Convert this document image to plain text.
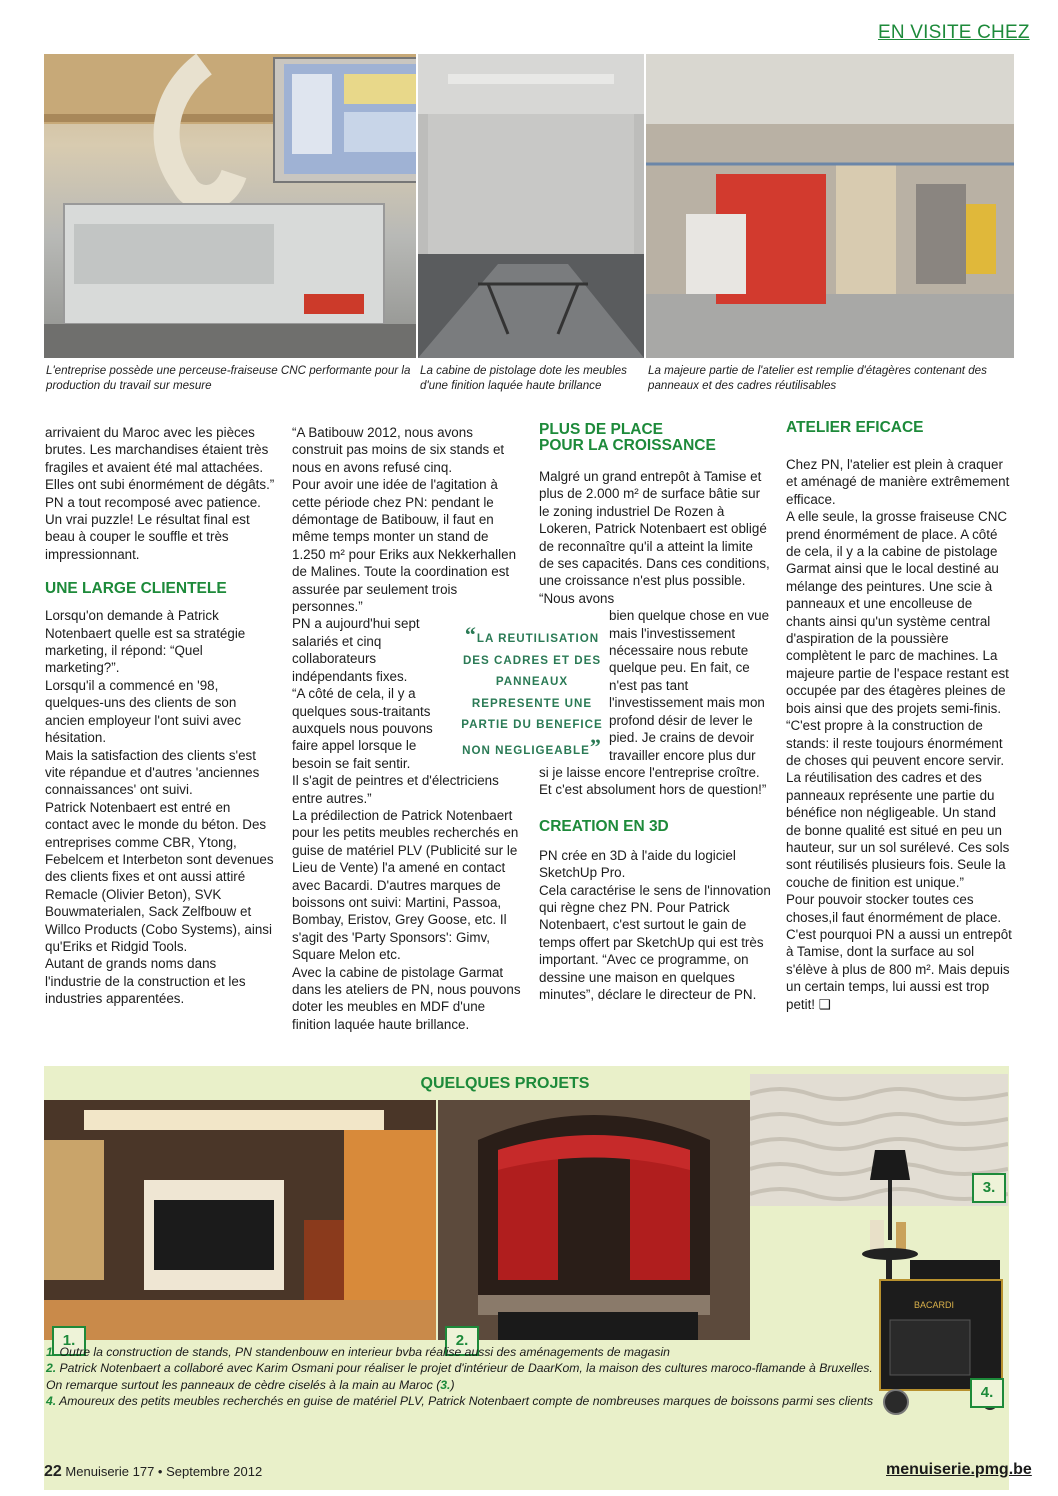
EN VISITE CHEZ
L'entreprise possède une perceuse-fraiseuse CNC performante pour la production du travail sur mesure
La cabine de pistolage dote les meubles d'une finition laquée haute brillance
La majeure partie de l'atelier est remplie d'étagères contenant des panneaux et des cadres réutilisables

arrivaient du Maroc avec les pièces brutes. Les marchandises étaient très fragiles et avaient été mal attachées. Elles ont subi énormément de dégâts.”

PN a tout recomposé avec patience. Un vrai puzzle! Le résultat final est beau à couper le souffle et très impressionnant.

UNE LARGE CLIENTELE

Lorsqu'on demande à Patrick Notenbaert quelle est sa stratégie marketing, il répond: “Quel marketing?”.

Lorsqu'il a commencé en '98, quelques-uns des clients de son ancien employeur l'ont suivi avec hésitation.

Mais la satisfaction des clients s'est vite répandue et d'autres 'anciennes connaissances' ont suivi.

Patrick Notenbaert est entré en contact avec le monde du béton. Des entreprises comme CBR, Ytong, Febelcem et Interbeton sont devenues des clients fixes et ont aussi attiré Remacle (Olivier Beton), SVK Bouwmaterialen, Sack Zelfbouw et Willco Products (Cobo Systems), ainsi qu'Eriks et Ridgid Tools.

Autant de grands noms dans l'industrie de la construction et les industries apparentées.

“A Batibouw 2012, nous avons construit pas moins de six stands et nous en avons refusé cinq.

Pour avoir une idée de l'agitation à cette période chez PN: pendant le démontage de Batibouw, il faut en même temps monter un stand de 1.250 m² pour Eriks aux Nekkerhallen de Malines. Toute la coordination est assurée par seulement trois personnes.”

PN a aujourd'hui sept salariés et cinq collaborateurs indépendants fixes.

“A côté de cela, il y a quelques sous-traitants auxquels nous pouvons faire appel lorsque le besoin se fait sentir.

Il s'agit de peintres et d'électriciens entre autres.”

La prédilection de Patrick Notenbaert pour les petits meubles recherchés en guise de matériel PLV (Publicité sur le Lieu de Vente) l'a amené en contact avec Bacardi. D'autres marques de boissons ont suivi: Martini, Passoa, Bombay, Eristov, Grey Goose, etc. Il s'agit des 'Party Sponsors': Gimv, Square Melon etc.

Avec la cabine de pistolage Garmat dans les ateliers de PN, nous pouvons doter les meubles en MDF d'une finition laquée haute brillance.

PLUS DE PLACE

POUR LA CROISSANCE

Malgré un grand entrepôt à Tamise et plus de 2.000 m² de surface bâtie sur le zoning industriel De Rozen à Lokeren, Patrick Notenbaert est obligé de reconnaître qu'il a atteint la limite de ses capacités. Dans ces conditions, une croissance n'est plus possible. “Nous avons

bien quelque chose en vue mais l'investissement nécessaire nous rebute quelque peu. En fait, ce n'est pas tant l'investissement mais mon profond désir de lever le pied. Je crains de devoir travailler encore plus dur

si je laisse encore l'entreprise croître. Et c'est absolument hors de question!”

CREATION EN 3D

PN crée en 3D à l'aide du logiciel SketchUp Pro.

Cela caractérise le sens de l'innovation qui règne chez PN. Pour Patrick Notenbaert, c'est surtout le gain de temps offert par SketchUp qui est très important. “Avec ce programme, on dessine une maison en quelques minutes”, déclare le directeur de PN.

ATELIER EFICACE

Chez PN, l'atelier est plein à craquer et aménagé de manière extrêmement efficace.

A elle seule, la grosse fraiseuse CNC prend énormément de place. A côté de cela, il y a la cabine de pistolage Garmat ainsi que le local destiné au mélange des peintures. Une scie à panneaux et une encolleuse de chants ainsi qu'un système central d'aspiration de la poussière complètent le parc de machines. La majeure partie de l'espace restant est occupée par des étagères pleines de bois ainsi que des projets semi-finis.

“C'est propre à la construction de stands: il reste toujours énormément de choses qui peuvent encore servir. La réutilisation des cadres et des panneaux représente une partie du bénéfice non négligeable. Un stand de bonne qualité est situé en peu un hauteur, sur un sol surélevé. Ces sols sont réutilisés plusieurs fois. Seule la couche de finition est unique.”

Pour pouvoir stocker toutes ces choses,il faut énormément de place. C'est pourquoi PN a aussi un entrepôt à Tamise, dont la surface au sol s'élève à plus de 800 m². Mais depuis un certain temps, lui aussi est trop petit! ❑

“LA REUTILISATION
DES CADRES ET DES
PANNEAUX
REPRESENTE UNE
PARTIE DU BENEFICE
NON NEGLIGEABLE”
QUELQUES PROJETS
BACARDI
1.	2.
3.
4.
1. Outre la construction de stands, PN standenbouw en interieur bvba réalise aussi des aménagements de magasin
2. Patrick Notenbaert a collaboré avec Karim Osmani pour réaliser le projet d'intérieur de DaarKom, la maison des cultures maroco-flamande à Bruxelles. On remarque surtout les panneaux de cèdre ciselés à la main au Maroc (3.)
4. Amoureux des petits meubles recherchés en guise de matériel PLV, Patrick Notenbaert compte de nombreuses marques de boissons parmi ses clients
22 Menuiserie 177 • Septembre 2012	menuiserie.pmg.be
